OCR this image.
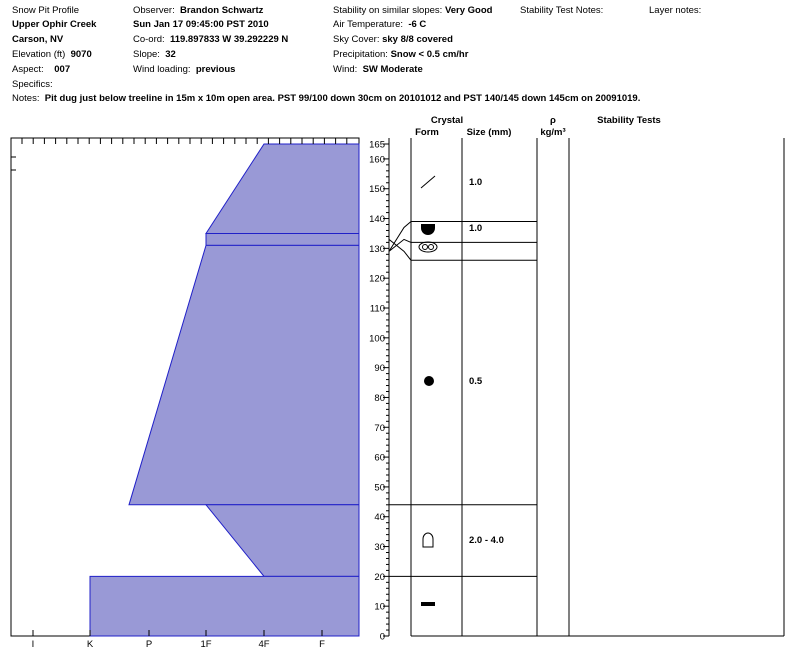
Snow Pit Profile
Upper Ophir Creek
Carson, NV
Elevation (ft) 9070
Aspect: 007
Specifics:
Observer: Brandon Schwartz
Sun Jan 17 09:45:00 PST 2010
Co-ord: 119.897833 W 39.292229 N
Slope: 32
Wind loading: previous
Stability on similar slopes: Very Good
Air Temperature: -6 C
Sky Cover: sky 8/8 covered
Precipitation: Snow < 0.5 cm/hr
Wind: SW Moderate
Stability Test Notes:	Layer notes:
Notes: Pit dug just below treeline in 15m x 10m open area. PST 99/100 down 30cm on 20101012 and PST 140/145 down 145cm on 20091019.
I	K	P	1F	4F	F
0
10
20
30
40
50
60
70
80
90
100
110
120
130
140
150
160
165
Crystal
Form	Size (mm)
ρ
kg/m³
Stability Tests
1.0
1.0
0.5
2.0 - 4.0
